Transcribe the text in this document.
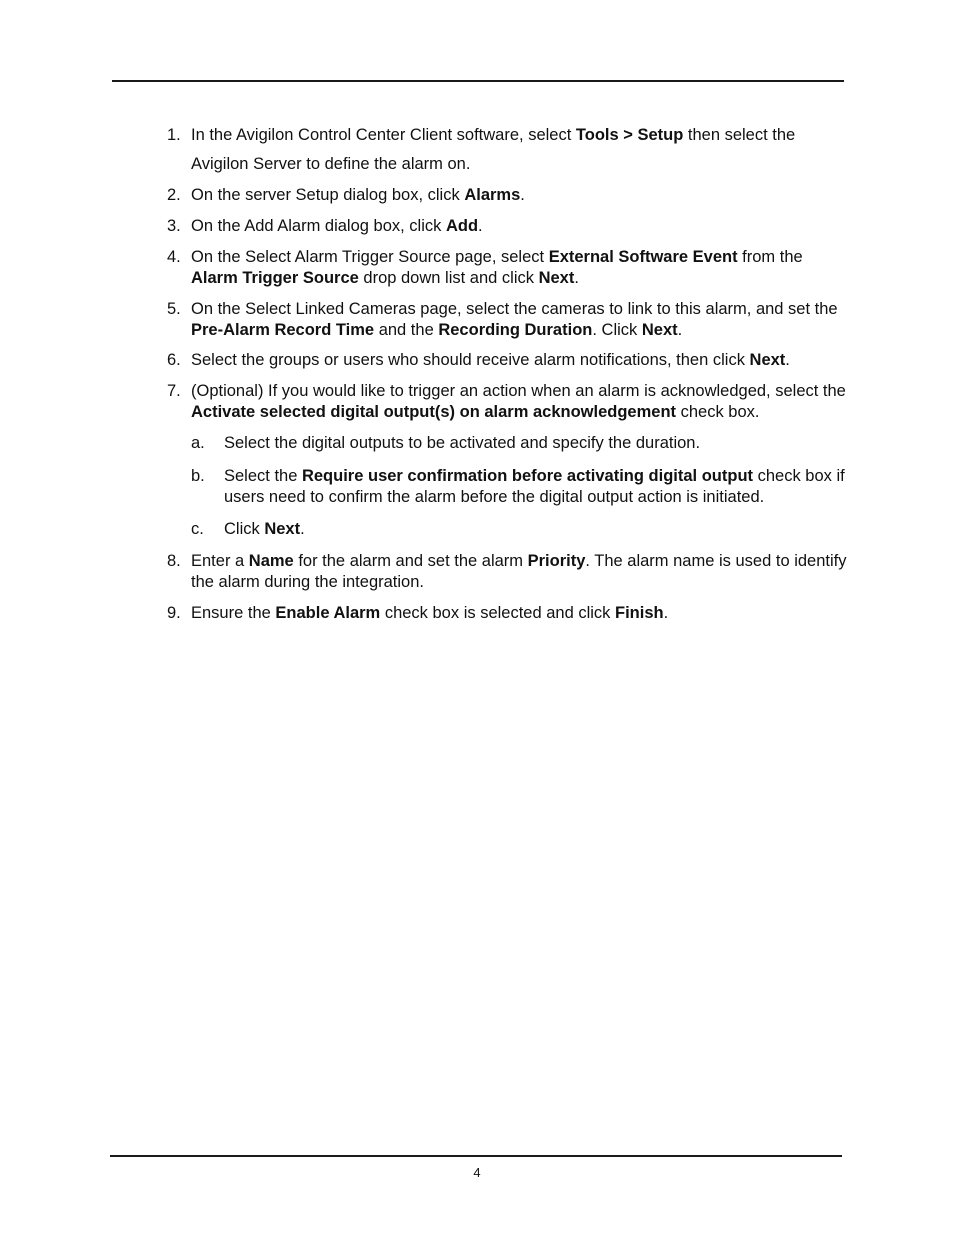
1. In the Avigilon Control Center Client software, select Tools > Setup then select the
Avigilon Server to define the alarm on.
2. On the server Setup dialog box, click Alarms.
3. On the Add Alarm dialog box, click Add.
4. On the Select Alarm Trigger Source page, select External Software Event from the Alarm Trigger Source drop down list and click Next.
5. On the Select Linked Cameras page, select the cameras to link to this alarm, and set the Pre-Alarm Record Time and the Recording Duration. Click Next.
6. Select the groups or users who should receive alarm notifications, then click Next.
7. (Optional) If you would like to trigger an action when an alarm is acknowledged, select the Activate selected digital output(s) on alarm acknowledgement check box.
a. Select the digital outputs to be activated and specify the duration.
b. Select the Require user confirmation before activating digital output check box if users need to confirm the alarm before the digital output action is initiated.
c. Click Next.
8. Enter a Name for the alarm and set the alarm Priority. The alarm name is used to identify the alarm during the integration.
9. Ensure the Enable Alarm check box is selected and click Finish.
4
